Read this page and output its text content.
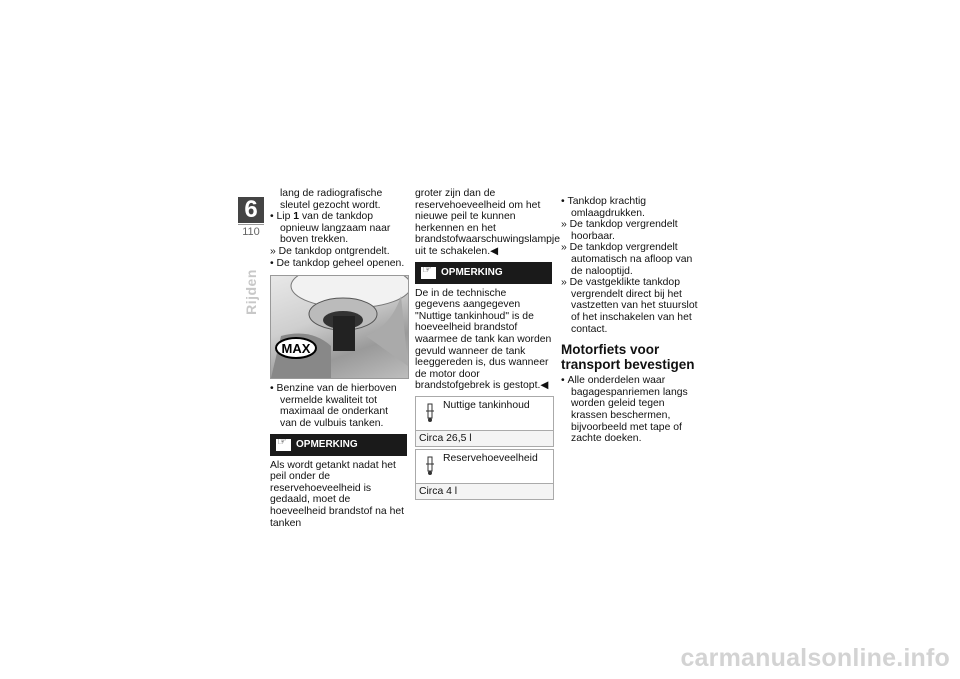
6
110
Rijden

lang de radiografische sleutel gezocht wordt.

• Lip 1 van de tankdop opnieuw langzaam naar boven trekken.

» De tankdop ontgrendelt.

• De tankdop geheel openen.

MAX

• Benzine van de hierboven vermelde kwaliteit tot maximaal de onderkant van de vulbuis tanken.

☞
OPMERKING

Als wordt getankt nadat het peil onder de reservehoeveelheid is gedaald, moet de hoeveelheid brandstof na het tanken

groter zijn dan de reservehoeveelheid om het nieuwe peil te kunnen herkennen en het brandstofwaarschuwingslampje uit te schakelen.◀

☞
OPMERKING

De in de technische gegevens aangegeven "Nuttige tankinhoud" is de hoeveelheid brandstof waarmee de tank kan worden gevuld wanneer de tank leeggereden is, dus wanneer de motor door brandstofgebrek is gestopt.◀

Nuttige tankinhoud
Circa 26,5 l
Reservehoeveelheid
Circa 4 l

• Tankdop krachtig omlaagdrukken.

» De tankdop vergrendelt hoorbaar.

» De tankdop vergrendelt automatisch na afloop van de nalooptijd.

» De vastgeklikte tankdop vergrendelt direct bij het vastzetten van het stuurslot of het inschakelen van het contact.

Motorfiets voor transport bevestigen

• Alle onderdelen waar bagagespanriemen langs worden geleid tegen krassen beschermen, bijvoorbeeld met tape of zachte doeken.

carmanualsonline.info
